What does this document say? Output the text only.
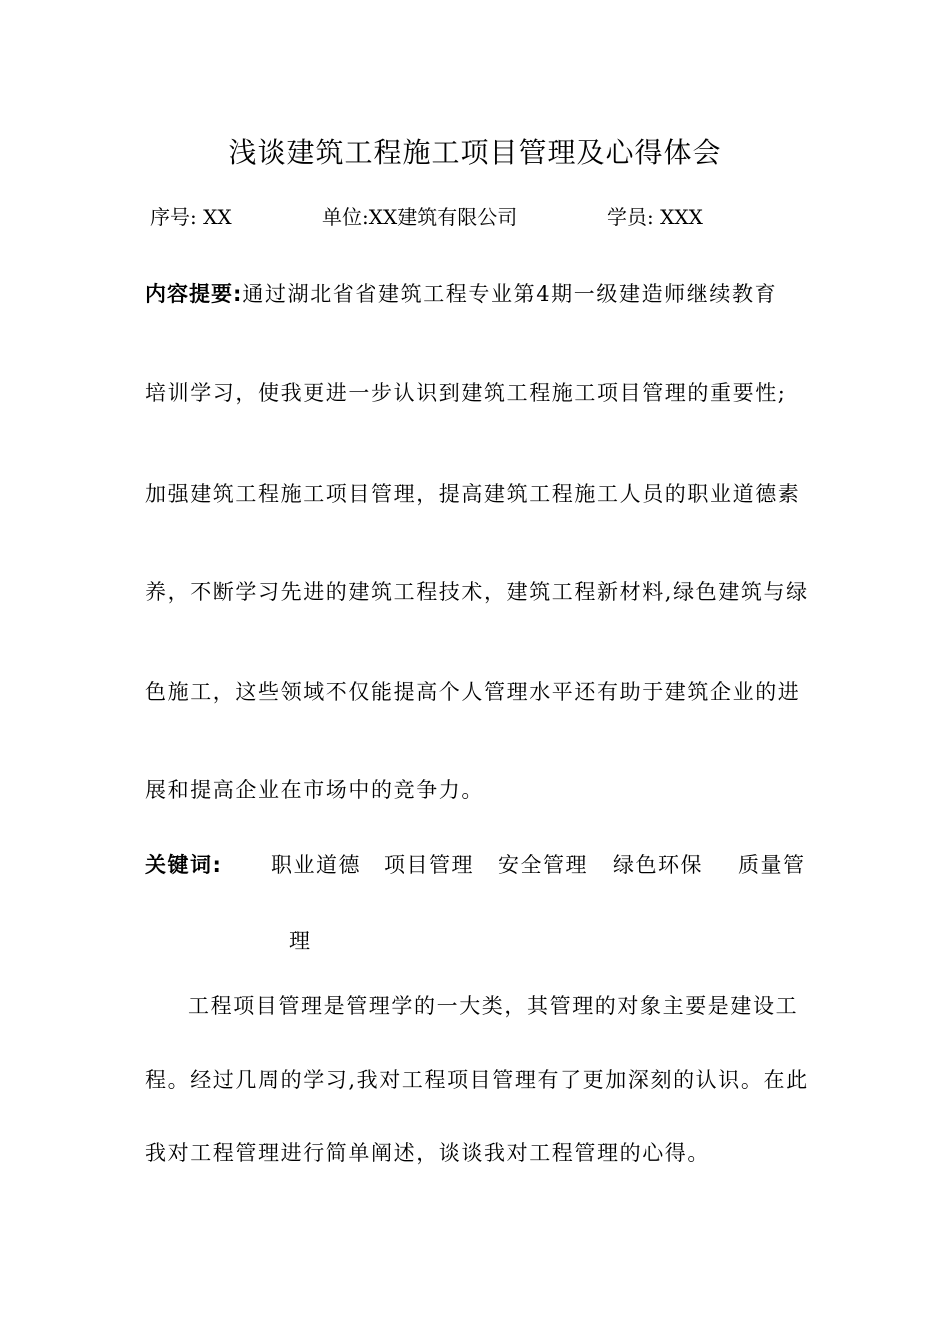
浅谈建筑工程施工项目管理及心得体会
序号: XX	单位:XX建筑有限公司	学员: XXX
内容提要:通过湖北省省建筑工程专业第4期一级建造师继续教育
培训学习，使我更进一步认识到建筑工程施工项目管理的重要性;
加强建筑工程施工项目管理，提高建筑工程施工人员的职业道德素
养，不断学习先进的建筑工程技术，建筑工程新材料,绿色建筑与绿
色施工，这些领域不仅能提高个人管理水平还有助于建筑企业的进
展和提高企业在市场中的竞争力。
关键词: 职业道德 项目管理 安全管理 绿色环保 质量管
理
工程项目管理是管理学的一大类，其管理的对象主要是建设工
程。经过几周的学习,我对工程项目管理有了更加深刻的认识。在此
我对工程管理进行简单阐述，谈谈我对工程管理的心得。
